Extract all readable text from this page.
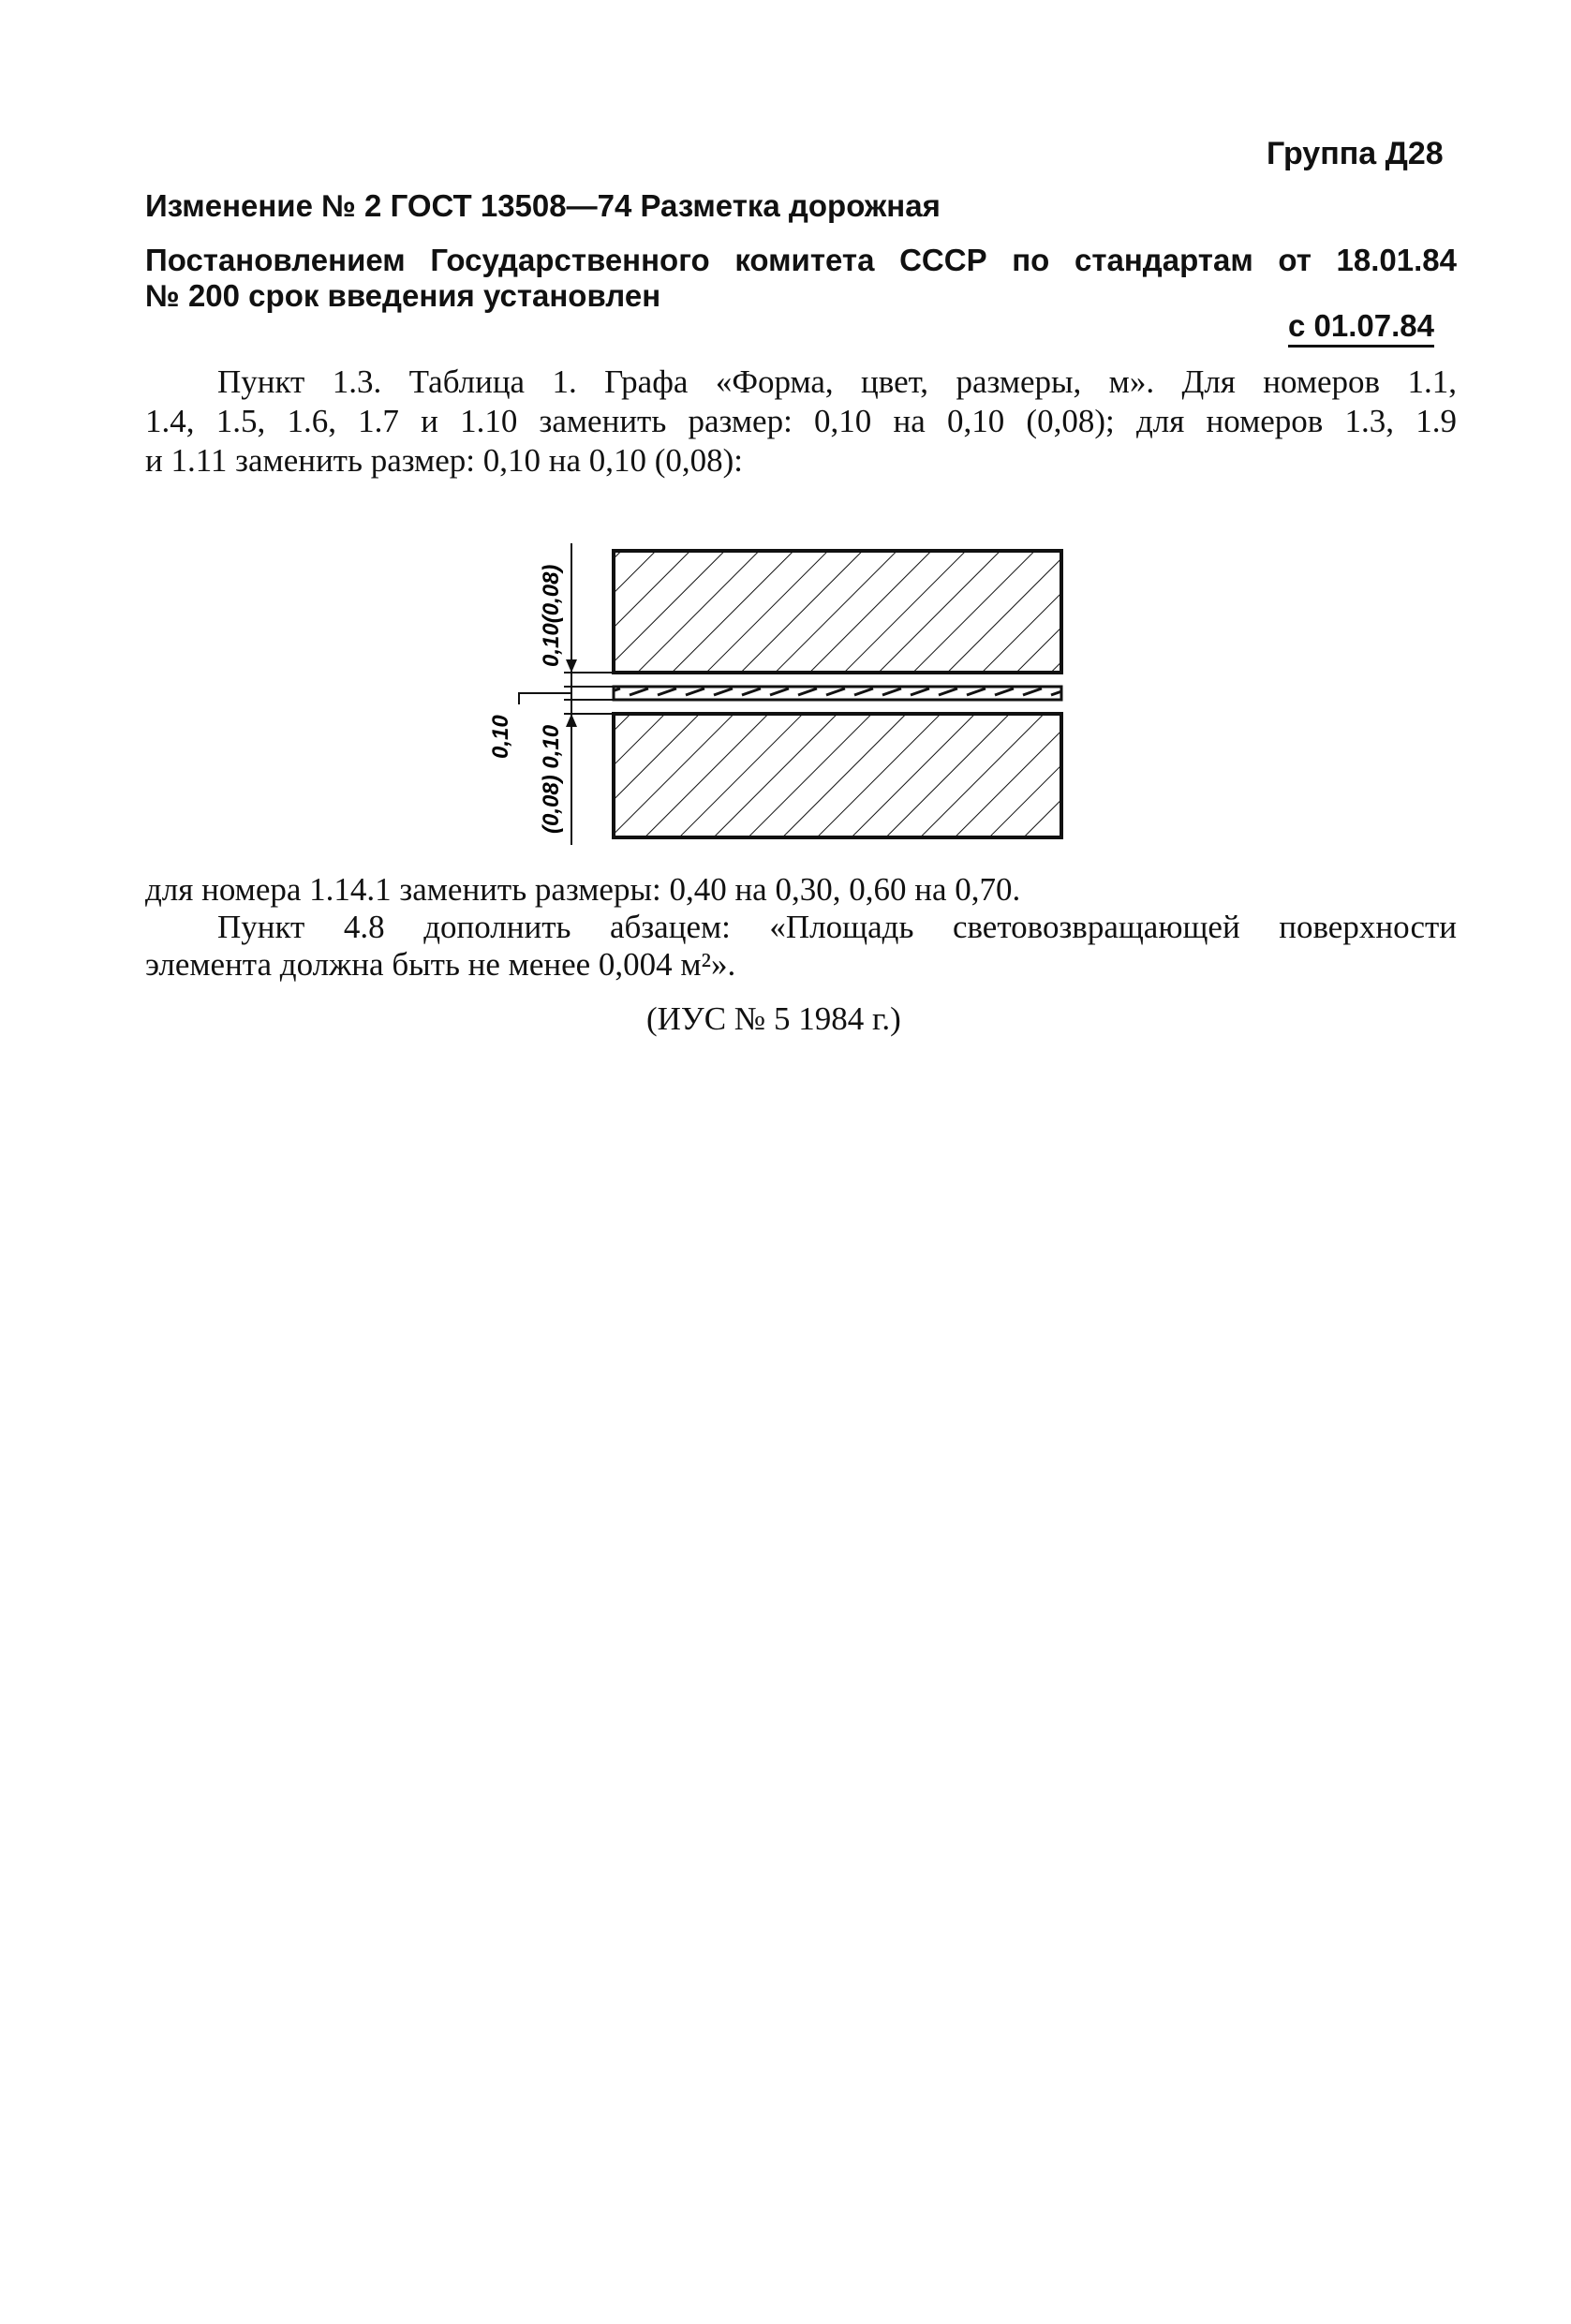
Группа Д28
Изменение № 2 ГОСТ 13508—74 Разметка дорожная
Постановлением Государственного комитета СССР по стандартам от 18.01.84
№ 200 срок введения установлен
с 01.07.84
Пункт 1.3. Таблица 1. Графа «Форма, цвет, размеры, м». Для номеров 1.1,
1.4, 1.5, 1.6, 1.7 и 1.10 заменить размер: 0,10 на 0,10 (0,08); для номеров 1.3, 1.9
и 1.11 заменить размер: 0,10 на 0,10 (0,08):
0,10(0,08)
(0,08) 0,10
0,10
для номера 1.14.1 заменить размеры: 0,40 на 0,30, 0,60 на 0,70.
Пункт 4.8 дополнить абзацем: «Площадь световозвращающей поверхности
элемента должна быть не менее 0,004 м²».
(ИУС № 5 1984 г.)
